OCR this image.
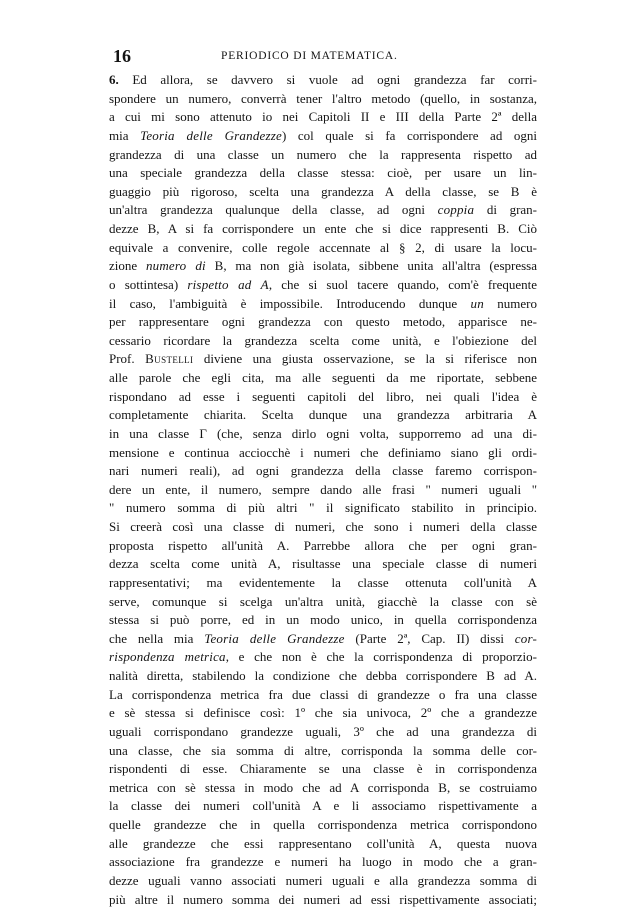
16	PERIODICO DI MATEMATICA.
6. Ed allora, se davvero si vuole ad ogni grandezza far corri-
spondere un numero, converrà tener l'altro metodo (quello, in sostanza,
a cui mi sono attenuto io nei Capitoli II e III della Parte 2ª della
mia Teoria delle Grandezze) col quale si fa corrispondere ad ogni
grandezza di una classe un numero che la rappresenta rispetto ad
una speciale grandezza della classe stessa: cioè, per usare un lin-
guaggio più rigoroso, scelta una grandezza A della classe, se B è
un'altra grandezza qualunque della classe, ad ogni coppia di gran-
dezze B, A si fa corrispondere un ente che si dice rappresenti B. Ciò
equivale a convenire, colle regole accennate al § 2, di usare la locu-
zione numero di B, ma non già isolata, sibbene unita all'altra (espressa
o sottintesa) rispetto ad A, che si suol tacere quando, com'è frequente
il caso, l'ambiguità è impossibile. Introducendo dunque un numero
per rappresentare ogni grandezza con questo metodo, apparisce ne-
cessario ricordare la grandezza scelta come unità, e l'obiezione del
Prof. Bustelli diviene una giusta osservazione, se la si riferisce non
alle parole che egli cita, ma alle seguenti da me riportate, sebbene
rispondano ad esse i seguenti capitoli del libro, nei quali l'idea è
completamente chiarita. Scelta dunque una grandezza arbitraria A
in una classe Γ (che, senza dirlo ogni volta, supporremo ad una di-
mensione e continua acciocchè i numeri che definiamo siano gli ordi-
nari numeri reali), ad ogni grandezza della classe faremo corrispon-
dere un ente, il numero, sempre dando alle frasi " numeri uguali "
" numero somma di più altri " il significato stabilito in principio.
Si creerà così una classe di numeri, che sono i numeri della classe
proposta rispetto all'unità A. Parrebbe allora che per ogni gran-
dezza scelta come unità A, risultasse una speciale classe di numeri
rappresentativi; ma evidentemente la classe ottenuta coll'unità A
serve, comunque si scelga un'altra unità, giacchè la classe con sè
stessa si può porre, ed in un modo unico, in quella corrispondenza
che nella mia Teoria delle Grandezze (Parte 2ª, Cap. II) dissi cor-
rispondenza metrica, e che non è che la corrispondenza di proporzio-
nalità diretta, stabilendo la condizione che debba corrispondere B ad A.
La corrispondenza metrica fra due classi di grandezze o fra una classe
e sè stessa si definisce così: 1º che sia univoca, 2º che a grandezze
uguali corrispondano grandezze uguali, 3º che ad una grandezza di
una classe, che sia somma di altre, corrisponda la somma delle cor-
rispondenti di esse. Chiaramente se una classe è in corrispondenza
metrica con sè stessa in modo che ad A corrisponda B, se costruiamo
la classe dei numeri coll'unità A e li associamo rispettivamente a
quelle grandezze che in quella corrispondenza metrica corrispondono
alle grandezze che essi rappresentano coll'unità A, questa nuova
associazione fra grandezze e numeri ha luogo in modo che a gran-
dezze uguali vanno associati numeri uguali e alla grandezza somma di
più altre il numero somma dei numeri ad essi rispettivamente associati;
